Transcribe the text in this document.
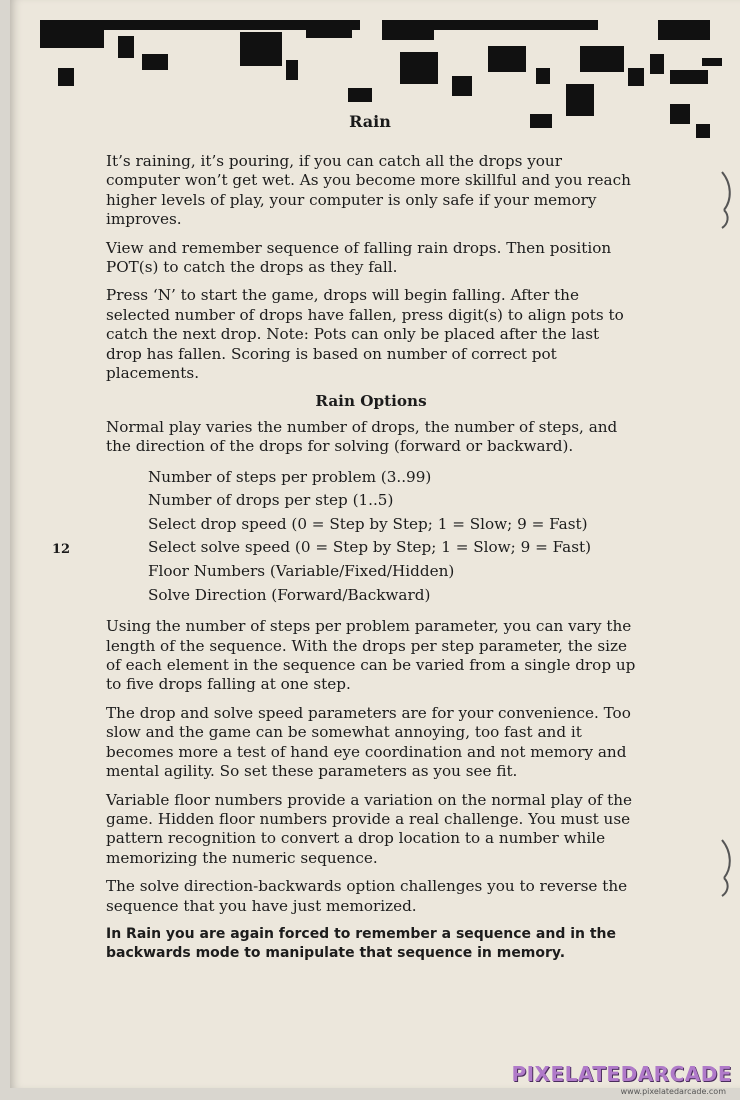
Rain
12

It’s raining, it’s pouring, if you can catch all the drops your computer won’t get wet. As you become more skillful and you reach higher levels of play, your computer is only safe if your memory improves.

View and remember sequence of falling rain drops. Then position POT(s) to catch the drops as they fall.

Press ‘N’ to start the game, drops will begin falling. After the selected number of drops have fallen, press digit(s) to align pots to catch the next drop. Note: Pots can only be placed after the last drop has fallen. Scoring is based on number of correct pot placements.

Rain Options

Normal play varies the number of drops, the number of steps, and the direction of the drops for solving (forward or backward).

Number of steps per problem (3..99)
Number of drops per step (1..5)
Select drop speed (0 = Step by Step; 1 = Slow; 9 = Fast)
Select solve speed (0 = Step by Step; 1 = Slow; 9 = Fast)
Floor Numbers (Variable/Fixed/Hidden)
Solve Direction (Forward/Backward)

Using the number of steps per problem parameter, you can vary the length of the sequence. With the drops per step parameter, the size of each element in the sequence can be varied from a single drop up to five drops falling at one step.

The drop and solve speed parameters are for your convenience. Too slow and the game can be somewhat annoying, too fast and it becomes more a test of hand eye coordination and not memory and mental agility. So set these parameters as you see fit.

Variable floor numbers provide a variation on the normal play of the game. Hidden floor numbers provide a real challenge. You must use pattern recognition to convert a drop location to a number while memorizing the numeric sequence.

The solve direction-backwards option challenges you to reverse the sequence that you have just memorized.

In Rain you are again forced to remember a sequence and in the backwards mode to manipulate that sequence in memory.

PIXELATEDARCADE
www.pixelatedarcade.com
